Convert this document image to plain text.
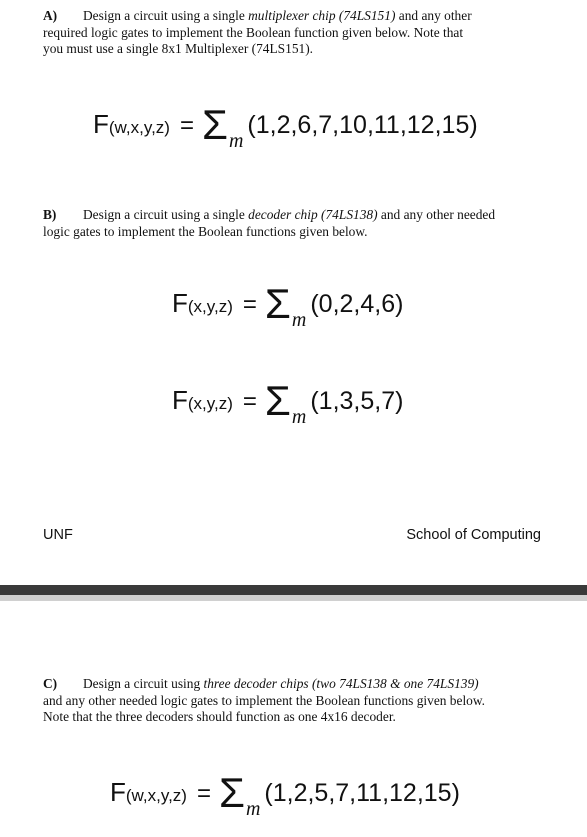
A) Design a circuit using a single multiplexer chip (74LS151) and any other
required logic gates to implement the Boolean function given below. Note that
you must use a single 8x1 Multiplexer (74LS151).
F(w,x,y,z) = Σm(1,2,6,7,10,11,12,15)
B) Design a circuit using a single decoder chip (74LS138) and any other needed
logic gates to implement the Boolean functions given below.
F(x,y,z) = Σm(0,2,4,6)
F(x,y,z) = Σm(1,3,5,7)
UNF	School of Computing
C) Design a circuit using three decoder chips (two 74LS138 & one 74LS139)
and any other needed logic gates to implement the Boolean functions given below.
Note that the three decoders should function as one 4x16 decoder.
F(w,x,y,z) = Σm(1,2,5,7,11,12,15)
